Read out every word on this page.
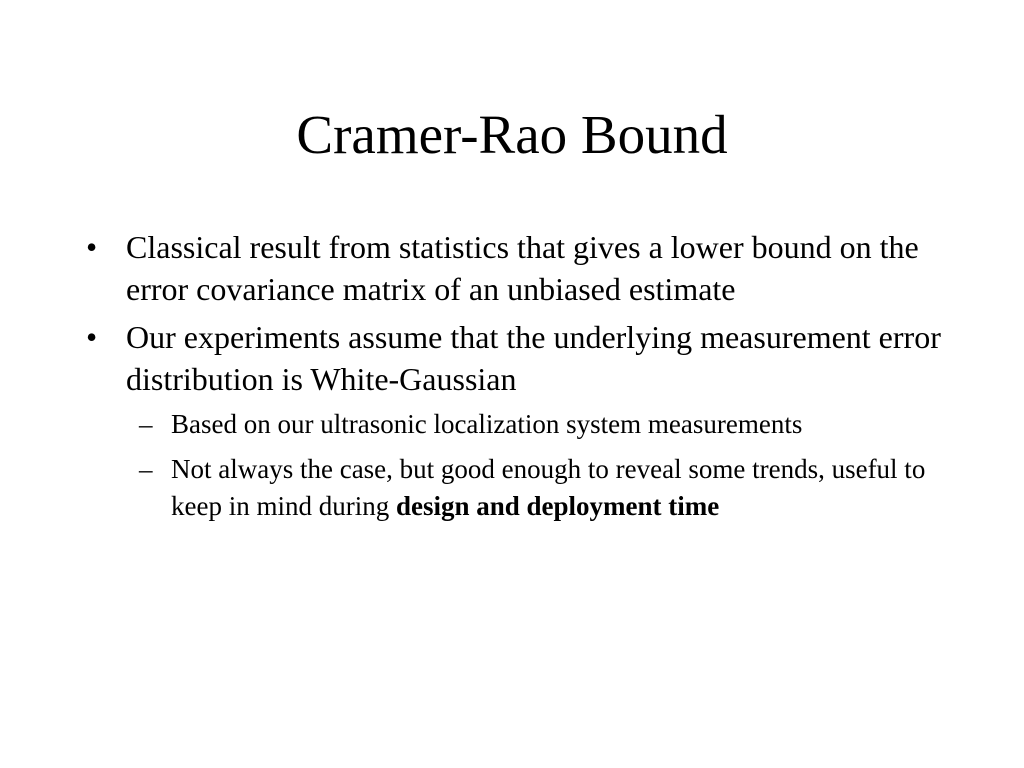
Cramer-Rao Bound
• Classical result from statistics that gives a lower bound on the error covariance matrix of an unbiased estimate
• Our experiments assume that the underlying measurement error distribution is White-Gaussian
– Based on our ultrasonic localization system measurements
– Not always the case, but good enough to reveal some trends, useful to keep in mind during design and deployment time
